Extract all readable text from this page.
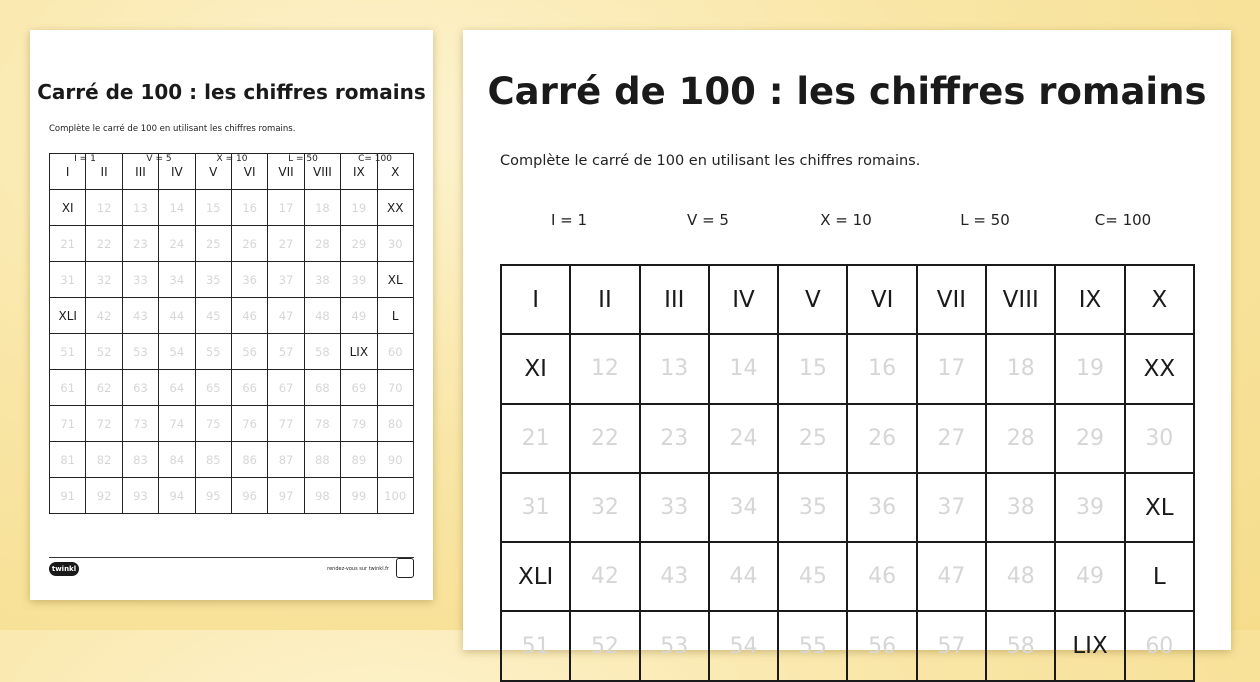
Carré de 100 : les chiffres romains
Complète le carré de 100 en utilisant les chiffres romains.
I = 1	V = 5	X = 10	L = 50	C= 100
I	II	III	IV	V	VI	VII	VIII	IX	X
XI	12	13	14	15	16	17	18	19	XX
21	22	23	24	25	26	27	28	29	30
31	32	33	34	35	36	37	38	39	XL
XLI	42	43	44	45	46	47	48	49	L
51	52	53	54	55	56	57	58	LIX	60
61	62	63	64	65	66	67	68	69	70
71	72	73	74	75	76	77	78	79	80
81	82	83	84	85	86	87	88	89	90
91	92	93	94	95	96	97	98	99	100
twinkl	rendez-vous sur twinkl.fr
Carré de 100 : les chiffres romains
Complète le carré de 100 en utilisant les chiffres romains.
I = 1	V = 5	X = 10	L = 50	C= 100
I	II	III	IV	V	VI	VII	VIII	IX	X
XI	12	13	14	15	16	17	18	19	XX
21	22	23	24	25	26	27	28	29	30
31	32	33	34	35	36	37	38	39	XL
XLI	42	43	44	45	46	47	48	49	L
51	52	53	54	55	56	57	58	LIX	60
